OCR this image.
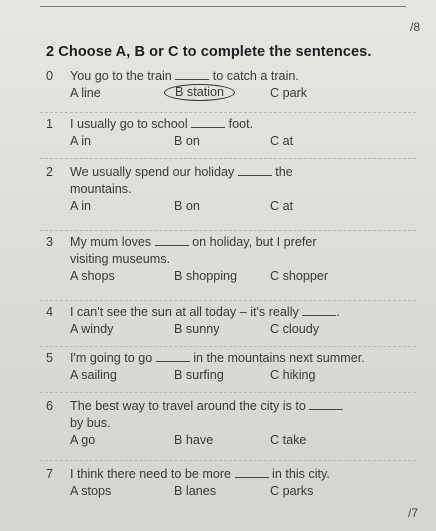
/8
2 Choose A, B or C to complete the sentences.
0 You go to the train	to catch a train.
A line	B station	C park
1 I usually go to school	foot.
A in	B on	C at
2 We usually spend our holiday	the
mountains.
A in	B on	C at
3 My mum loves	on holiday, but I prefer
visiting museums.
A shops	B shopping	C shopper
4 I can't see the sun at all today – it's really	.
A windy	B sunny	C cloudy
5 I'm going to go	in the mountains next summer.
A sailing	B surfing	C hiking
6 The best way to travel around the city is to
by bus.
A go	B have	C take
7 I think there need to be more	in this city.
A stops	B lanes	C parks
/7
